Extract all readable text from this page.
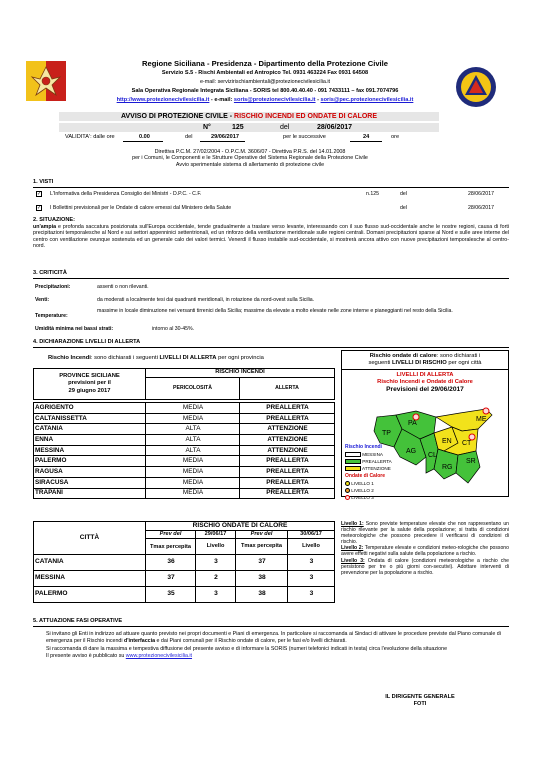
Regione Siciliana - Presidenza - Dipartimento della Protezione Civile
Servizio S.5 - Rischi Ambientali ed Antropico Tel. 0931 463224 Fax 0931 64508
e-mail: servizirischiambientali@protezionecivilesicilia.it
Sala Operativa Regionale Integrata Siciliana - SORIS tel 800.40.40.40 - 091 7433111 – fax 091.7074796
http://www.protezionecivilesicilia.it - e-mail: soris@protezionecivilesicilia.it - soris@pec.protezionecivilesicilia.it
AVVISO DI PROTEZIONE CIVILE - RISCHIO INCENDI ED ONDATE DI CALORE
N°	125	del	28/06/2017
VALIDITA': dalle ore	0.00	del	29/06/2017	per le successive	24	ore
Direttiva P.C.M. 27/02/2004 - O.P.C.M. 3606/07 - Direttiva P.R.S. del 14.01.2008
per i Comuni, le Componenti e le Strutture Operative del Sistema Regionale della Protezione Civile
Avvio sperimentale sistema di allertamento di protezione civile
1. VISTI
✓ L'Informativa della Presidenza Consiglio dei Ministri - D.P.C. - C.F.	n.125	del	28/06/2017
✓ I Bollettini previsionali per le Ondate di calore emessi dal Ministero della Salute	del	28/06/2017
2. SITUAZIONE:
un'ampia e profonda saccatura posizionata sull'Europa occidentale, tende gradualmente a traslare verso levante, interessando con il suo flusso sud-occidentale anche le nostre regioni, causa di forti precipitazioni temporalesche al Nord e sui settori appenninici settentrionali, ed un rinforzo della ventilazione meridionale sulle regioni centrali. Domani precipitazioni sparse al Nord e sulle aree interne del centro con ventilazione ovunque sostenuta ed un generale calo dei valori termici. Venerdì il flusso instabile sud-occidentale, si mostrerà ancora attivo con nuove precipitazioni temporalesche al centro-nord.
3. CRITICITÀ
Precipitazioni:	assenti o non rilevanti.
Venti:	da moderati a localmente tesi dai quadranti meridionali, in rotazione da nord-ovest sulla Sicilia.
Temperature:
massime in locale diminuzione nei versanti tirrenici della Sicilia; massime da elevate a molto elevate nelle zone interne e pianeggianti nel resto della Sicilia.
Umidità minima nei bassi strati:	intorno al 30-45%.
4. DICHIARAZIONE LIVELLI DI ALLERTA
Rischio Incendi: sono dichiarati i seguenti LIVELLI DI ALLERTA per ogni provincia
PROVINCE SICILIANE
previsioni per il
29 giugno 2017	RISCHIO INCENDI	
	PERICOLOSITÀ	ALLERTA
AGRIGENTO	MEDIA	PREALLERTA
CALTANISSETTA	MEDIA	PREALLERTA
CATANIA	ALTA	ATTENZIONE
ENNA	ALTA	ATTENZIONE
MESSINA	ALTA	ATTENZIONE
PALERMO	MEDIA	PREALLERTA
RAGUSA	MEDIA	PREALLERTA
SIRACUSA	MEDIA	PREALLERTA
TRAPANI	MEDIA	PREALLERTA
Rischio ondate di calore: sono dichiarati i
seguenti LIVELLI DI RISCHIO per ogni città
LIVELLI DI ALLERTA
Rischio Incendi e Ondate di Calore
Previsioni del 29/06/2017
TP
PA
ME
EN CT
AG
CL
RG
SR
Rischio Incendi
MESSINA
PREALLERTA
ATTENZIONE
Ondate di Calore
LIVELLO 1
LIVELLO 2
LIVELLO 3
CITTÀ	RISCHIO ONDATE DI CALORE			
	Prev del	29/06/17	Prev del	30/06/17
	Tmax percepita	Livello	Tmax percepita	Livello
CATANIA	36	3	37	3
MESSINA	37	2	38	3
PALERMO	35	3	38	3
Livello 1: Sono previste temperature elevate che non rappresentano un rischio rilevante per la salute della popolazione; si tratta di condizioni meteorologiche che possono precedere il verificarsi di condizioni di rischio.
Livello 2: Temperature elevate e condizioni meteo-rologiche che possono avere effetti negativi sulla salute della popolazione a rischio.
Livello 3: Ondata di calore (condizioni meteorologiche a rischio che persistono per tre o più giorni con-secutivi). Adottare interventi di prevenzione per la popolazione a rischio.
5. ATTUAZIONE FASI OPERATIVE
Si invitano gli Enti in indirizzo ad attuare quanto previsto nei propri documenti e Piani di emergenza. In particolare si raccomanda ai Sindaci di attivare le procedure previste dal Piano comunale di emergenza per il Rischio incendi d'interfaccia e dai Piani comunali per il Rischio ondate di calore, per le fasi e/o livelli dichiarati.
Si raccomanda di dare la massima e tempestiva diffusione del presente avviso e di informare la SORIS (numeri telefonici indicati in testa) circa l'evoluzione della situazione
Il presente avviso è pubblicato su www.protezionecivilesicilia.it
IL DIRIGENTE GENERALE
FOTI
